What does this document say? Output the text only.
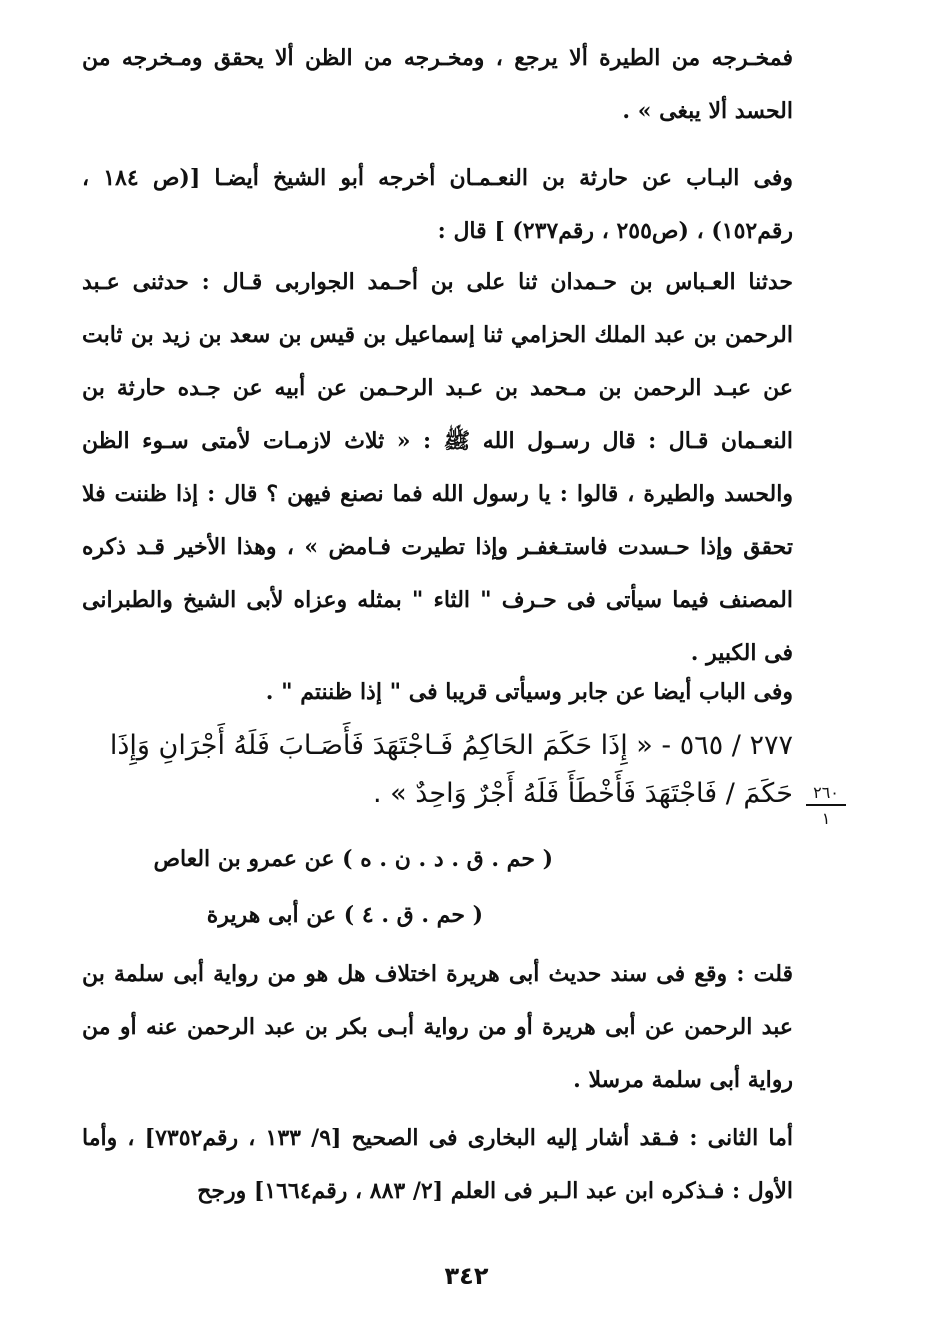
فمخـرجه من الطيرة ألا يرجع ، ومخـرجه من الظن ألا يحقق ومـخرجه من الحسد ألا يبغى » .
وفى البـاب عن حارثة بن النعـمـان أخرجه أبو الشيخ أيضـا [(ص ١٨٤ ، رقم١٥٢) ، (ص٢٥٥ ، رقم٢٣٧) ] قال :
حدثنا العـباس بن حـمدان ثنا على بن أحـمد الجواربى قـال : حدثنى عـبد الرحمن بن عبد الملك الحزامي ثنا إسماعيل بن قيس بن سعد بن زيد بن ثابت عن عبـد الرحمن بن مـحمد بن عـبد الرحـمن عن أبيه عن جـده حارثة بن النعـمان قـال : قال رسـول الله ﷺ : « ثلاث لازمـات لأمتى سـوء الظن والحسد والطيرة ، قالوا : يا رسول الله فما نصنع فيهن ؟ قال : إذا ظننت فلا تحقق وإذا حـسدت فاستـغفـر وإذا تطيرت فـامض » ، وهذا الأخير قـد ذكره المصنف فيما سيأتى فى حـرف " الثاء " بمثله وعزاه لأبى الشيخ والطبرانى فى الكبير .
وفى الباب أيضا عن جابر وسيأتى قريبا فى " إذا ظننتم " .
٢٧٧ / ٥٦٥ - « إِذَا حَكَمَ الحَاكِمُ فَـاجْتَهَدَ فَأَصَـابَ فَلَهُ أَجْرَانِ وَإِذَا حَكَمَ / فَاجْتَهَدَ فَأَخْطَأَ فَلَهُ أَجْرٌ وَاحِدٌ » .	٢٦٠
١
( حم . ق . د . ن . ه ) عن عمرو بن العاص
( حم . ق . ٤ ) عن أبى هريرة
قلت : وقع فى سند حديث أبى هريرة اختلاف هل هو من رواية أبى سلمة بن عبد الرحمن عن أبى هريرة أو من رواية أبـى بكر بن عبد الرحمن عنه أو من رواية أبى سلمة مرسلا .
أما الثانى : فـقد أشار إليه البخارى فى الصحيح [٩/ ١٣٣ ، رقم٧٣٥٢] ، وأما الأول : فـذكره ابن عبد الـبر فى العلم [٢/ ٨٨٣ ، رقم١٦٦٤] ورجح
٣٤٢
